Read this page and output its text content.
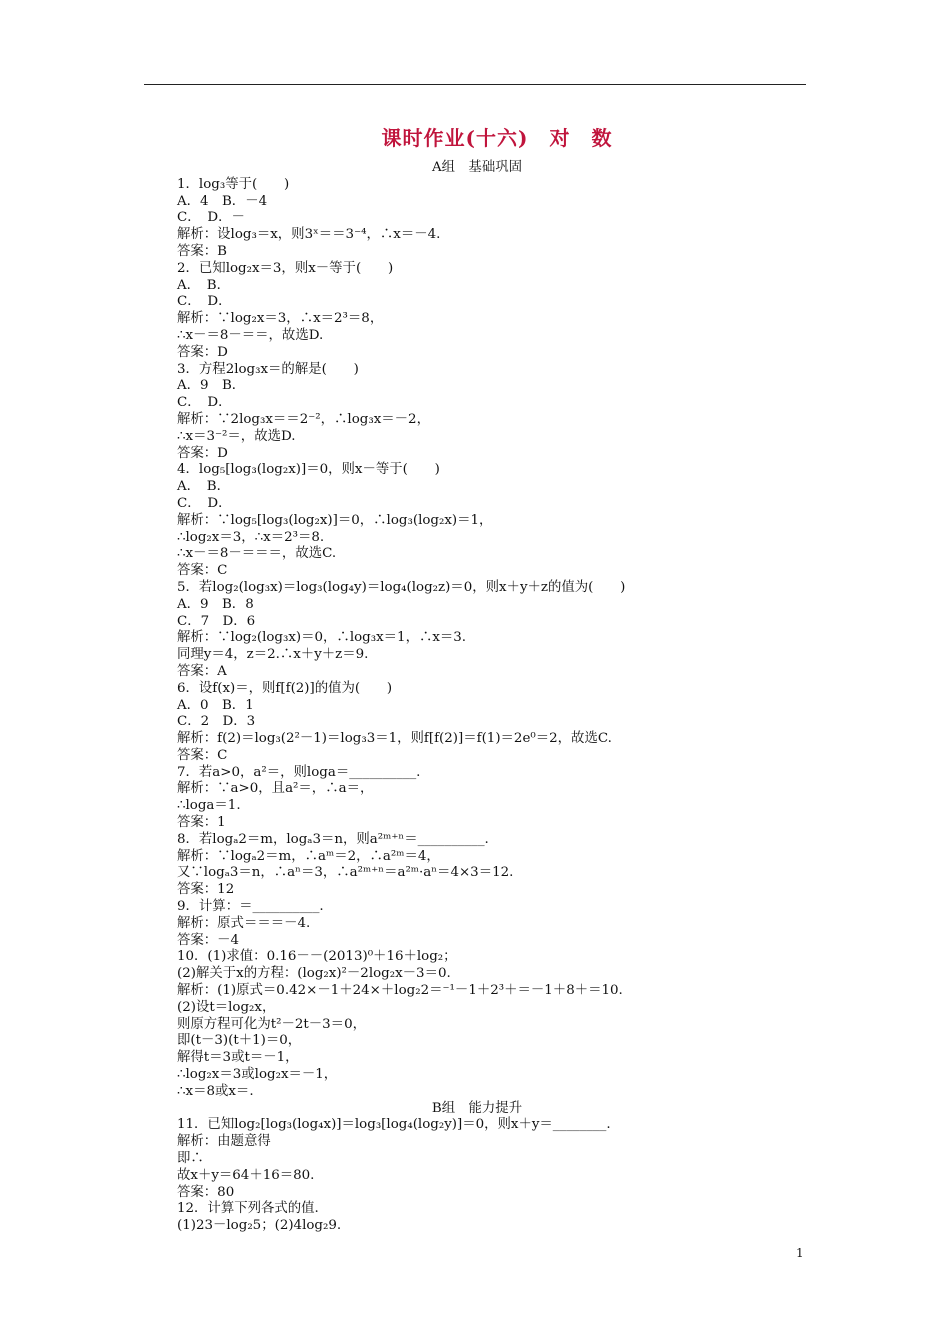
课时作业(十六)　对　数
A组　基础巩固
1．log₃等于(　　)
A．4　B．－4
C．　D．－
解析：设log₃＝x，则3ˣ＝＝3⁻⁴，∴x＝－4.
答案：B
2．已知log₂x＝3，则x－等于(　　)
A．　B．
C．　D．
解析：∵log₂x＝3，∴x＝2³＝8，
∴x－＝8－＝＝，故选D.
答案：D
3．方程2log₃x＝的解是(　　)
A．9　B．
C．　D．
解析：∵2log₃x＝＝2⁻²，∴log₃x＝－2，
∴x＝3⁻²＝，故选D.
答案：D
4．log₅[log₃(log₂x)]＝0，则x－等于(　　)
A．　B．
C．　D．
解析：∵log₅[log₃(log₂x)]＝0，∴log₃(log₂x)＝1，
∴log₂x＝3，∴x＝2³＝8.
∴x－＝8－＝＝＝，故选C.
答案：C
5．若log₂(log₃x)＝log₃(log₄y)＝log₄(log₂z)＝0，则x＋y＋z的值为(　　)
A．9　B．8
C．7　D．6
解析：∵log₂(log₃x)＝0，∴log₃x＝1，∴x＝3.
同理y＝4，z＝2.∴x＋y＋z＝9.
答案：A
6．设f(x)＝，则f[f(2)]的值为(　　)
A．0　B．1
C．2　D．3
解析：f(2)＝log₃(2²－1)＝log₃3＝1，则f[f(2)]＝f(1)＝2e⁰＝2，故选C.
答案：C
7．若a>0，a²＝，则loga＝__________.
解析：∵a>0，且a²＝，∴a＝，
∴loga＝1.
答案：1
8．若logₐ2＝m，logₐ3＝n，则a²ᵐ⁺ⁿ＝__________.
解析：∵logₐ2＝m，∴aᵐ＝2，∴a²ᵐ＝4，
又∵logₐ3＝n，∴aⁿ＝3，∴a²ᵐ⁺ⁿ＝a²ᵐ·aⁿ＝4×3＝12.
答案：12
9．计算：＝__________.
解析：原式＝＝＝－4.
答案：－4
10．(1)求值：0.16－－(2013)⁰＋16＋log₂；
(2)解关于x的方程：(log₂x)²－2log₂x－3＝0.
解析：(1)原式＝0.42×－1＋24×＋log₂2＝⁻¹－1＋2³＋＝－1＋8＋＝10.
(2)设t＝log₂x，
则原方程可化为t²－2t－3＝0，
即(t－3)(t＋1)＝0，
解得t＝3或t＝－1，
∴log₂x＝3或log₂x＝－1，
∴x＝8或x＝.
B组　能力提升
11．已知log₂[log₃(log₄x)]＝log₃[log₄(log₂y)]＝0，则x＋y＝________.
解析：由题意得
即∴
故x＋y＝64＋16＝80.
答案：80
12．计算下列各式的值.
(1)23－log₂5；(2)4log₂9.
1
